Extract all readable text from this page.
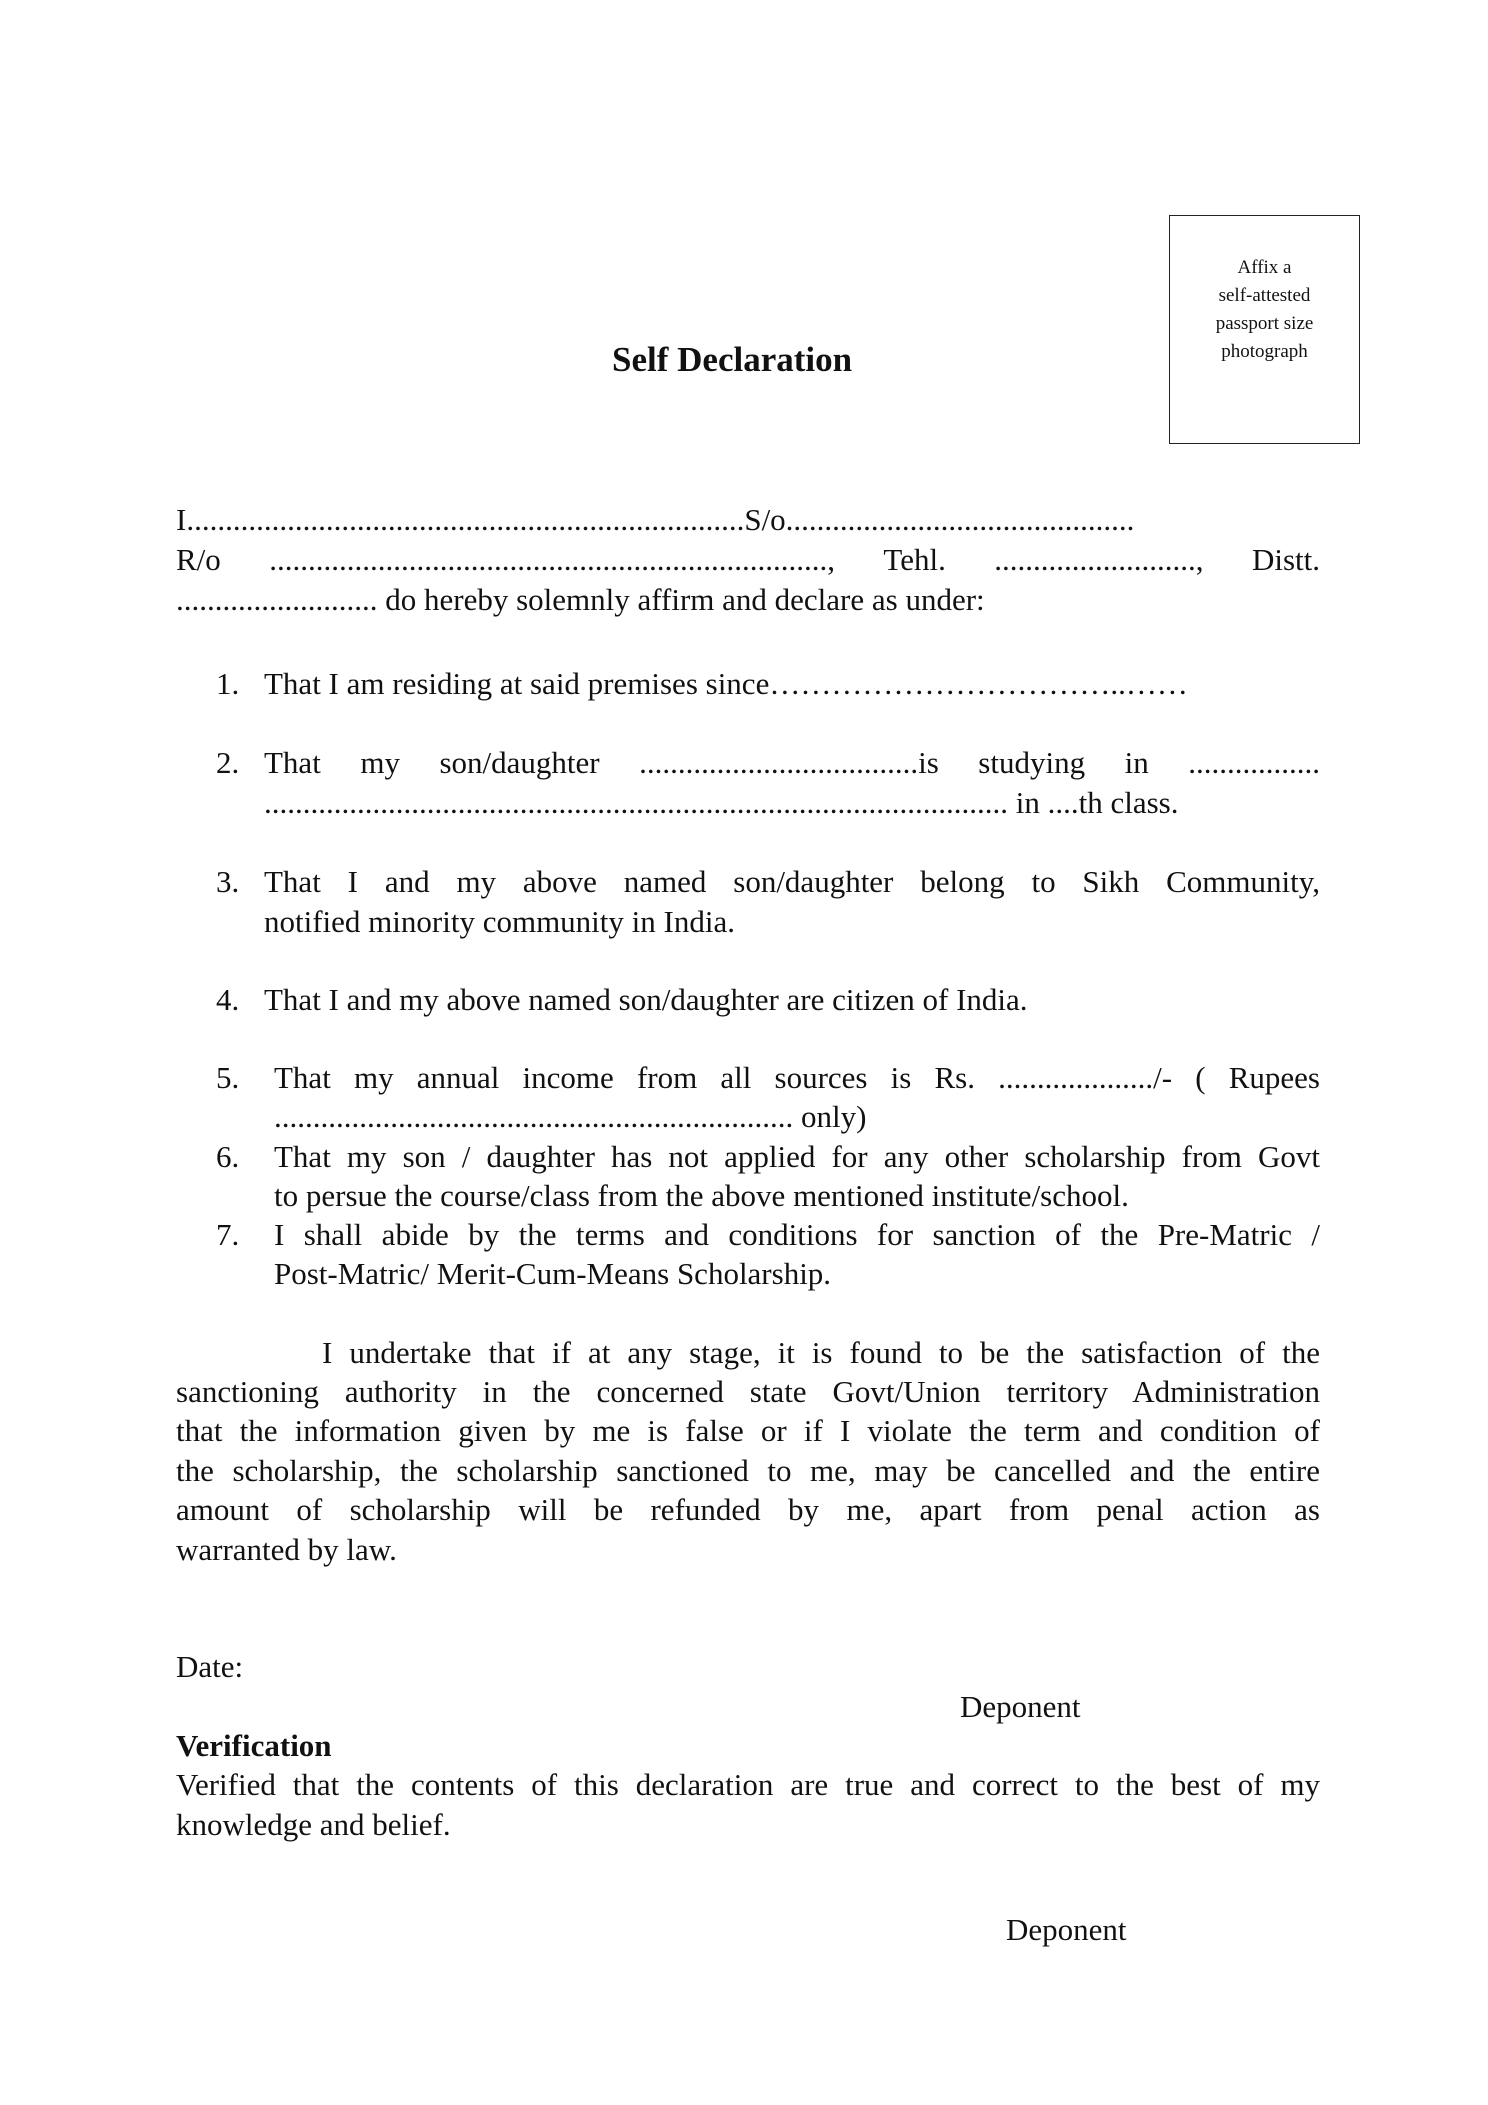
Affix a
self-attested
passport size
photograph
Self Declaration
I........................................................................S/o.............................................
R/o ........................................................................, Tehl. .........................., Distt.
.......................... do hereby solemnly affirm and declare as under:
1. That I am residing at said premises since……………………………..……
2. That my son/daughter ....................................is studying in .................
................................................................................................ in ....th class.
3. That I and my above named son/daughter belong to Sikh Community,
notified minority community in India.
4. That I and my above named son/daughter are citizen of India.
5. That my annual income from all sources is Rs. ..................../- ( Rupees
................................................................... only)
6. That my son / daughter has not applied for any other scholarship from Govt
to persue the course/class from the above mentioned institute/school.
7. I shall abide by the terms and conditions for sanction of the Pre-Matric /
Post-Matric/ Merit-Cum-Means Scholarship.
I undertake that if at any stage, it is found to be the satisfaction of the
sanctioning authority in the concerned state Govt/Union territory Administration
that the information given by me is false or if I violate the term and condition of
the scholarship, the scholarship sanctioned to me, may be cancelled and the entire
amount of scholarship will be refunded by me, apart from penal action as
warranted by law.
Date:
Deponent
Verification
Verified that the contents of this declaration are true and correct to the best of my
knowledge and belief.
Deponent
